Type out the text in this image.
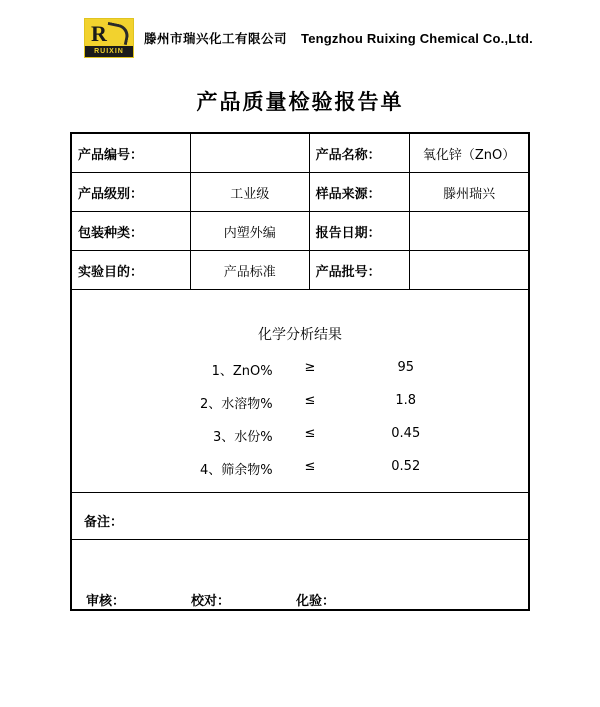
R
RUIXIN
滕州市瑞兴化工有限公司 Tengzhou Ruixing Chemical Co.,Ltd.
产品质量检验报告单
产品编号：		产品名称：	氧化锌（ZnO）
产品级别：	工业级	样品来源：	滕州瑞兴
包装种类：	内塑外编	报告日期：	
实验目的：	产品标准	产品批号：	

化学分析结果
1、ZnO%	≥	95
2、水溶物%	≤	1.8
3、水份%	≤	0.45
4、筛余物%	≤	0.52

备注：			

审核： 校对： 化验：			
